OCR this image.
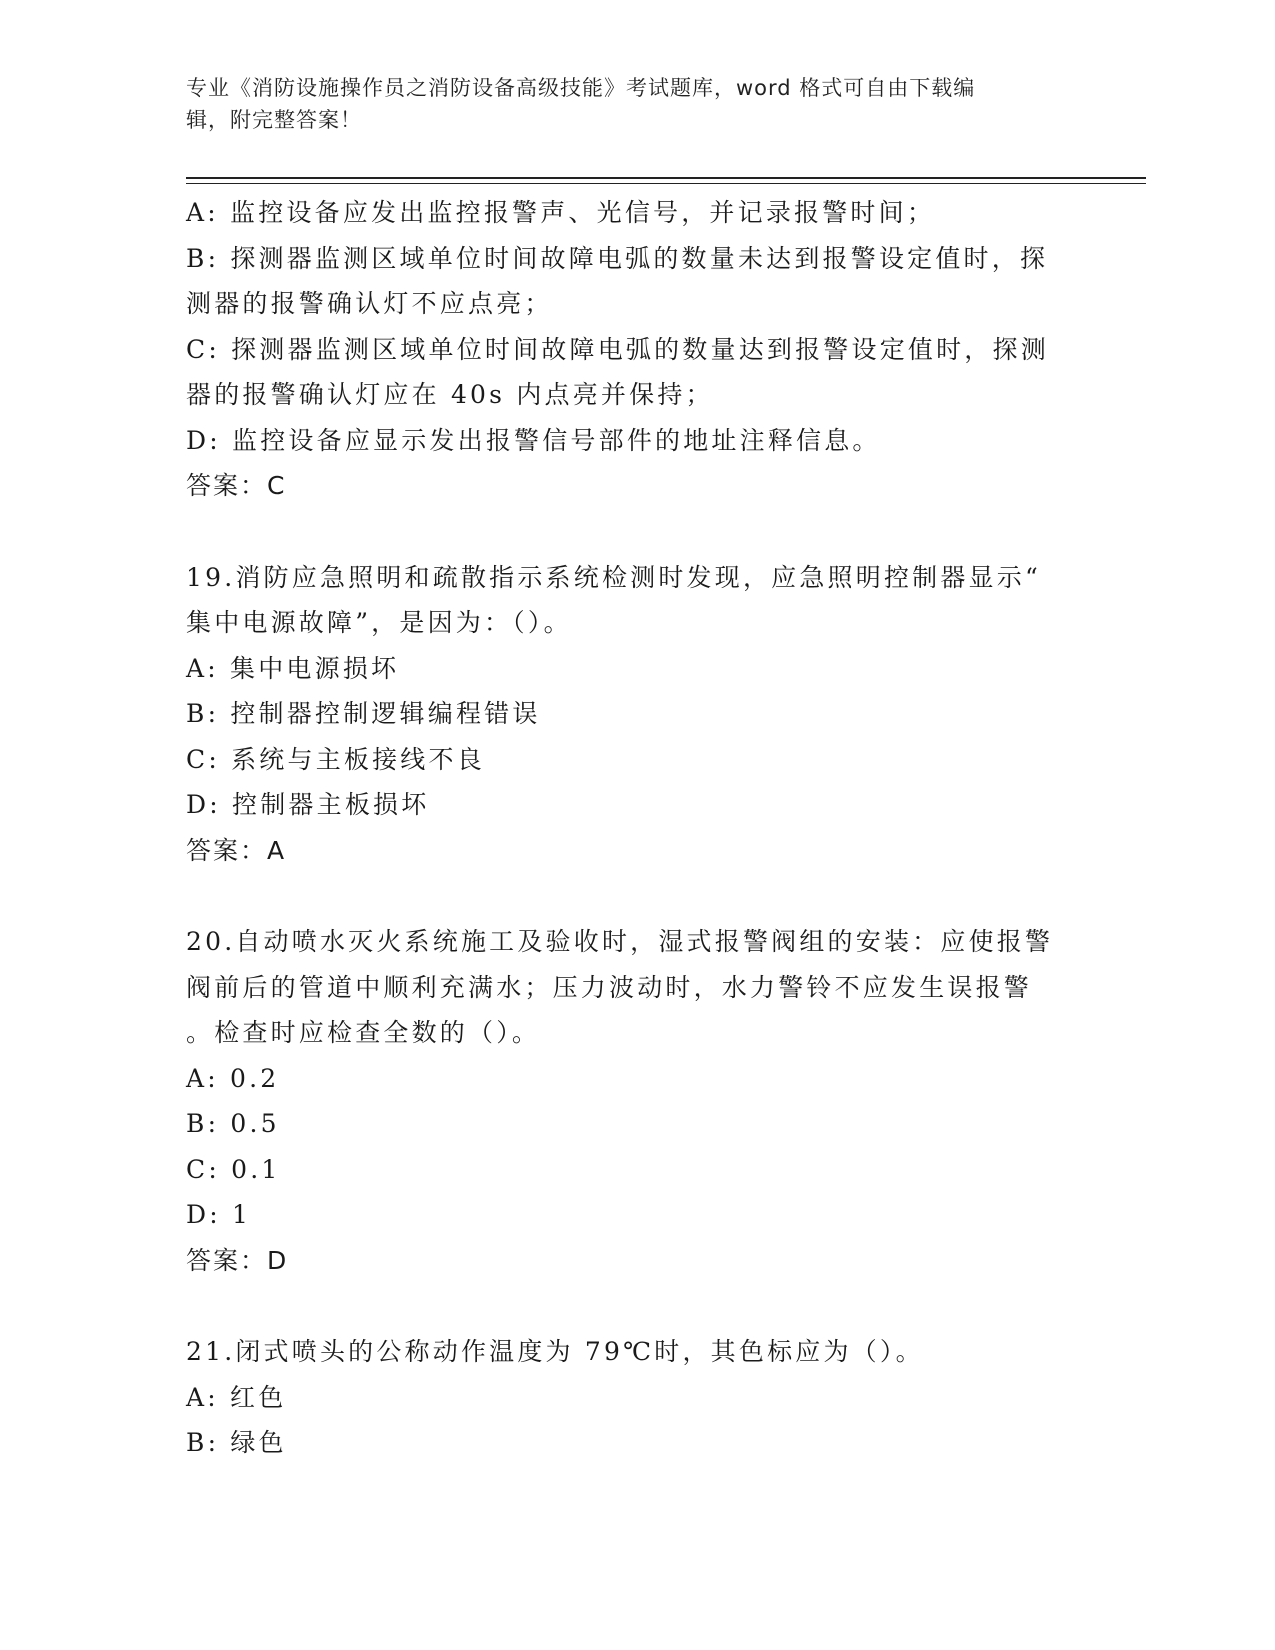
专业《消防设施操作员之消防设备高级技能》考试题库，word 格式可自由下载编
辑，附完整答案！
A: 监控设备应发出监控报警声、光信号，并记录报警时间；
B: 探测器监测区域单位时间故障电弧的数量未达到报警设定值时，探
测器的报警确认灯不应点亮；
C: 探测器监测区域单位时间故障电弧的数量达到报警设定值时，探测
器的报警确认灯应在 40s 内点亮并保持；
D: 监控设备应显示发出报警信号部件的地址注释信息。
答案：C
19.消防应急照明和疏散指示系统检测时发现，应急照明控制器显示“
集中电源故障”，是因为：（）。
A: 集中电源损坏
B: 控制器控制逻辑编程错误
C: 系统与主板接线不良
D: 控制器主板损坏
答案：A
20.自动喷水灭火系统施工及验收时，湿式报警阀组的安装：应使报警
阀前后的管道中顺利充满水；压力波动时，水力警铃不应发生误报警
。检查时应检查全数的（）。
A: 0.2
B: 0.5
C: 0.1
D: 1
答案：D
21.闭式喷头的公称动作温度为 79℃时，其色标应为（）。
A: 红色
B: 绿色
